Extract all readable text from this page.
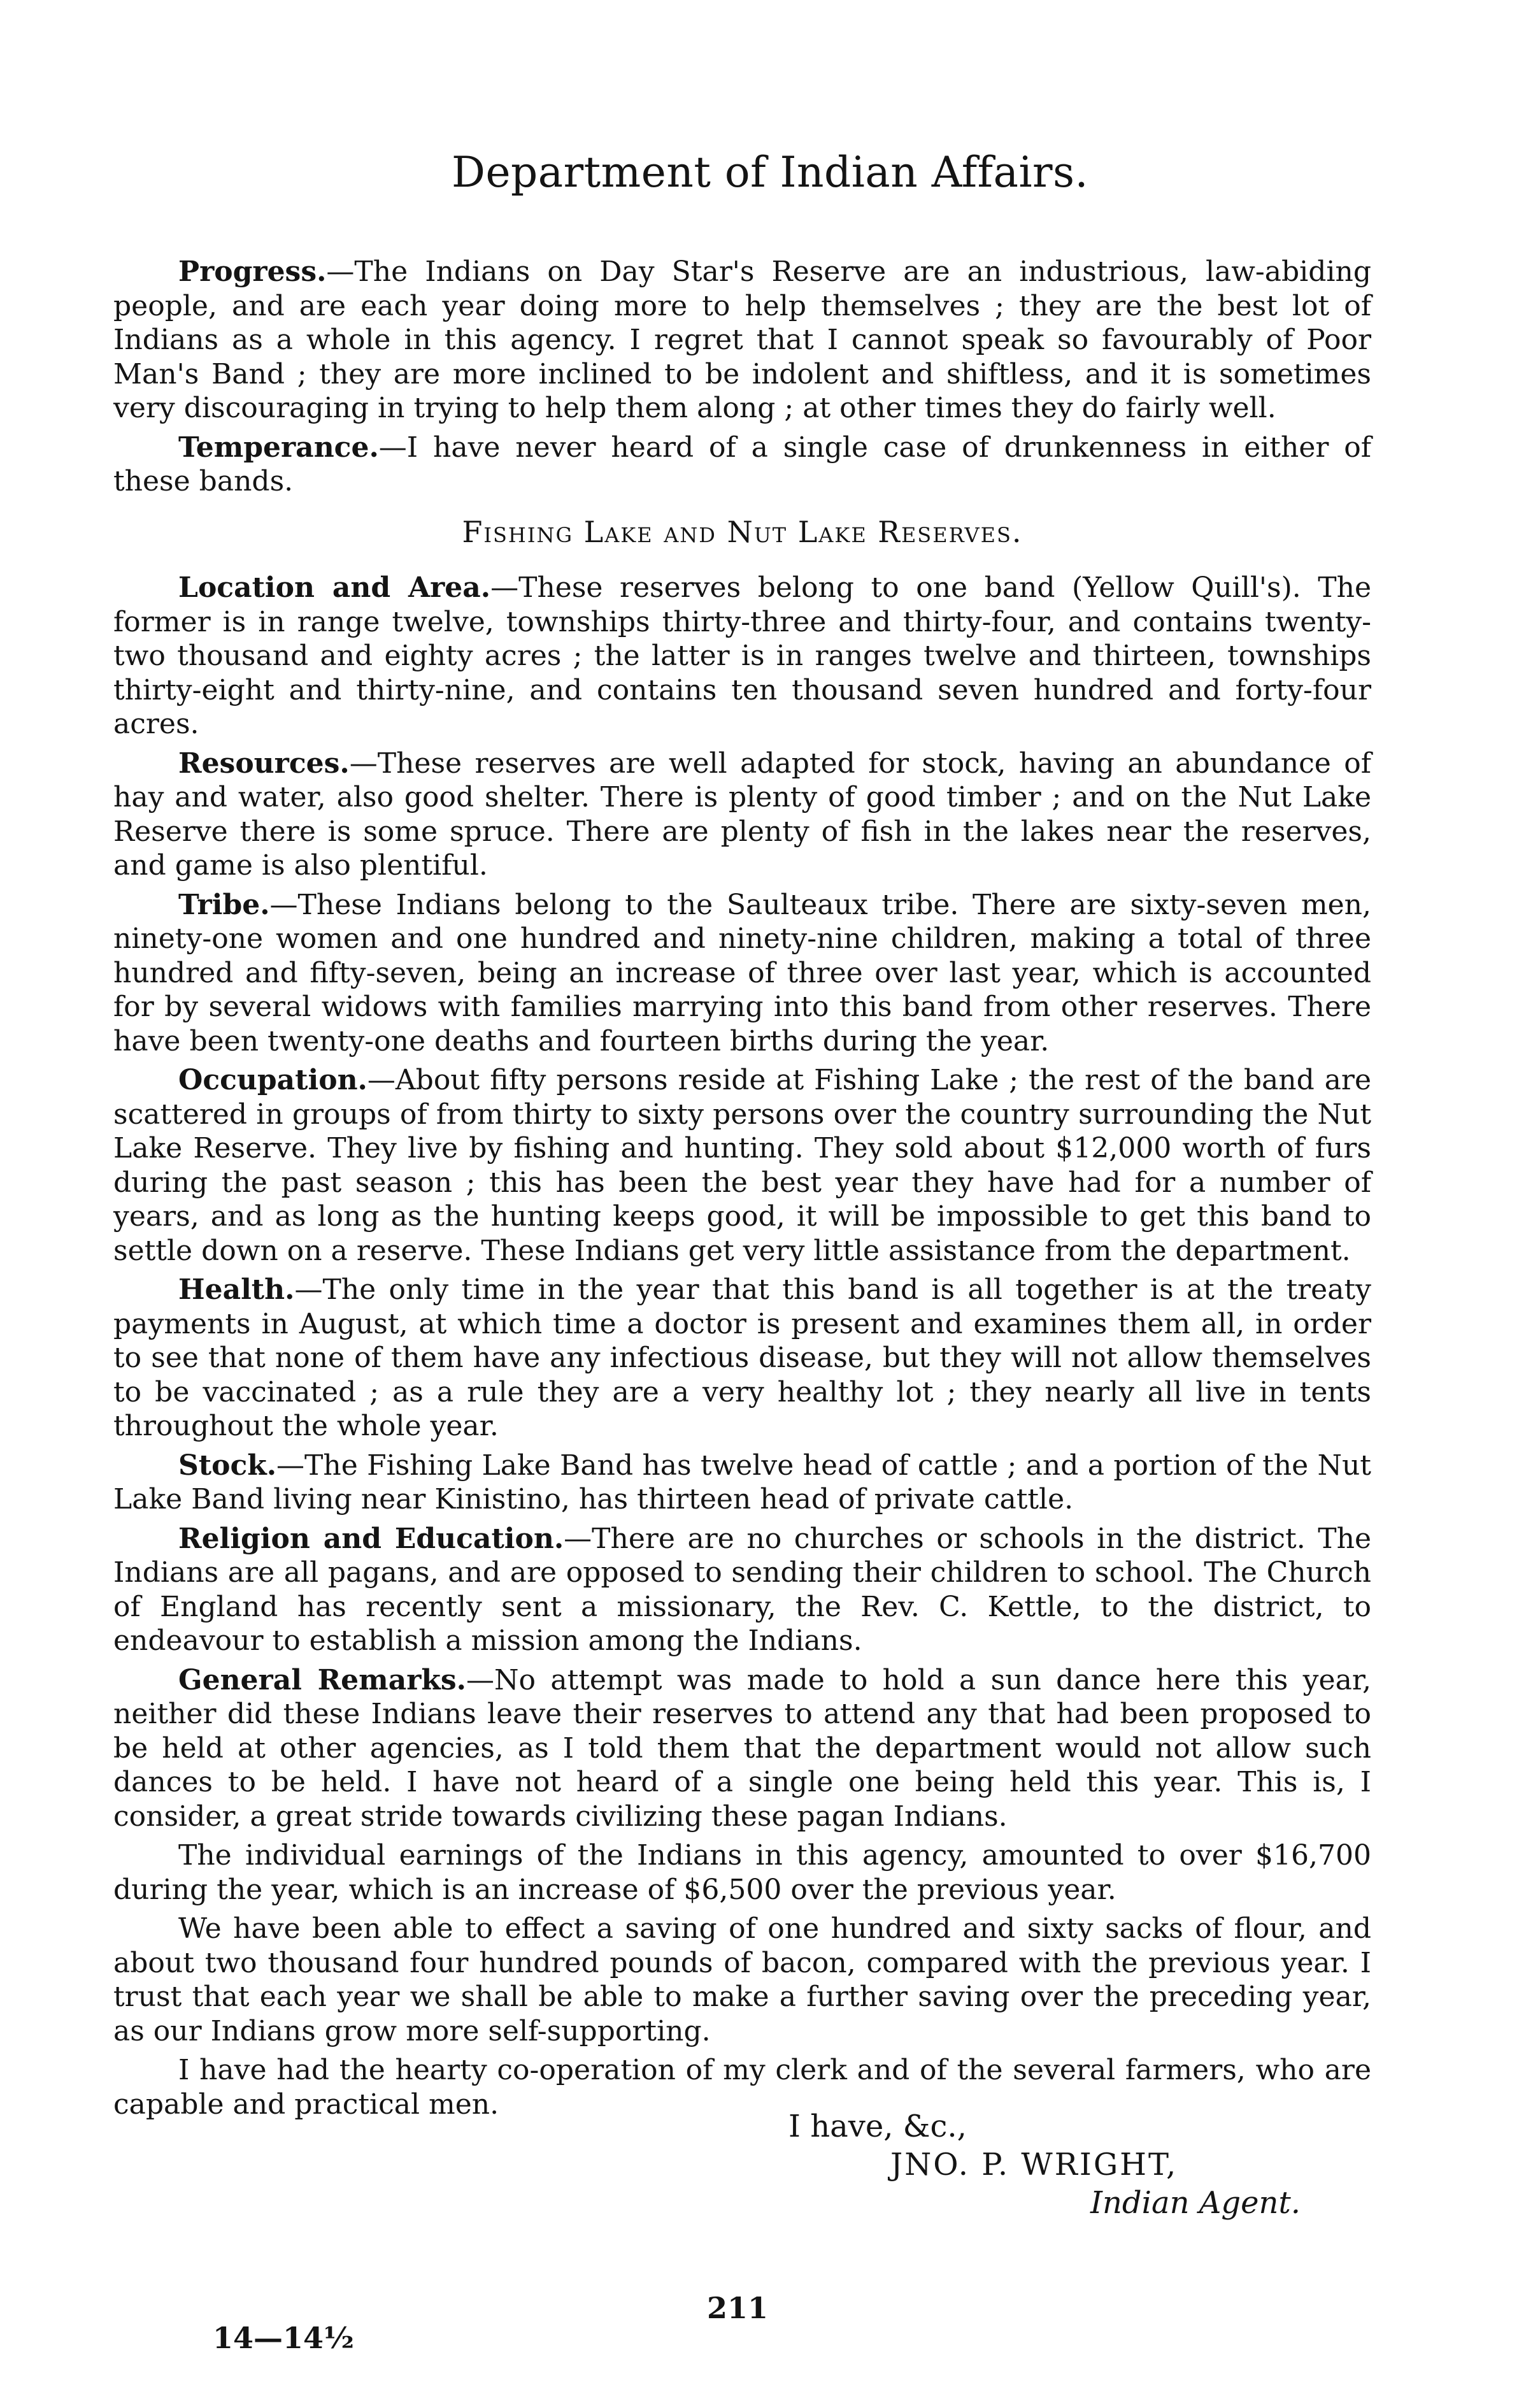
Department of Indian Affairs.

Progress.—The Indians on Day Star's Reserve are an industrious, law-abiding people, and are each year doing more to help themselves ; they are the best lot of Indians as a whole in this agency. I regret that I cannot speak so favourably of Poor Man's Band ; they are more inclined to be indolent and shiftless, and it is sometimes very discouraging in trying to help them along ; at other times they do fairly well.

Temperance.—I have never heard of a single case of drunkenness in either of these bands.

Fishing Lake and Nut Lake Reserves.

Location and Area.—These reserves belong to one band (Yellow Quill's). The former is in range twelve, townships thirty-three and thirty-four, and contains twenty-two thousand and eighty acres ; the latter is in ranges twelve and thirteen, townships thirty-eight and thirty-nine, and contains ten thousand seven hundred and forty-four acres.

Resources.—These reserves are well adapted for stock, having an abundance of hay and water, also good shelter. There is plenty of good timber ; and on the Nut Lake Reserve there is some spruce. There are plenty of fish in the lakes near the reserves, and game is also plentiful.

Tribe.—These Indians belong to the Saulteaux tribe. There are sixty-seven men, ninety-one women and one hundred and ninety-nine children, making a total of three hundred and fifty-seven, being an increase of three over last year, which is accounted for by several widows with families marrying into this band from other reserves. There have been twenty-one deaths and fourteen births during the year.

Occupation.—About fifty persons reside at Fishing Lake ; the rest of the band are scattered in groups of from thirty to sixty persons over the country surrounding the Nut Lake Reserve. They live by fishing and hunting. They sold about $12,000 worth of furs during the past season ; this has been the best year they have had for a number of years, and as long as the hunting keeps good, it will be impossible to get this band to settle down on a reserve. These Indians get very little assistance from the department.

Health.—The only time in the year that this band is all together is at the treaty payments in August, at which time a doctor is present and examines them all, in order to see that none of them have any infectious disease, but they will not allow themselves to be vaccinated ; as a rule they are a very healthy lot ; they nearly all live in tents throughout the whole year.

Stock.—The Fishing Lake Band has twelve head of cattle ; and a portion of the Nut Lake Band living near Kinistino, has thirteen head of private cattle.

Religion and Education.—There are no churches or schools in the district. The Indians are all pagans, and are opposed to sending their children to school. The Church of England has recently sent a missionary, the Rev. C. Kettle, to the district, to endeavour to establish a mission among the Indians.

General Remarks.—No attempt was made to hold a sun dance here this year, neither did these Indians leave their reserves to attend any that had been proposed to be held at other agencies, as I told them that the department would not allow such dances to be held. I have not heard of a single one being held this year. This is, I consider, a great stride towards civilizing these pagan Indians.

The individual earnings of the Indians in this agency, amounted to over $16,700 during the year, which is an increase of $6,500 over the previous year.

We have been able to effect a saving of one hundred and sixty sacks of flour, and about two thousand four hundred pounds of bacon, compared with the previous year. I trust that each year we shall be able to make a further saving over the preceding year, as our Indians grow more self-supporting.

I have had the hearty co-operation of my clerk and of the several farmers, who are capable and practical men.

I have, &c.,
JNO. P. WRIGHT,
Indian Agent.
211
14—14½
